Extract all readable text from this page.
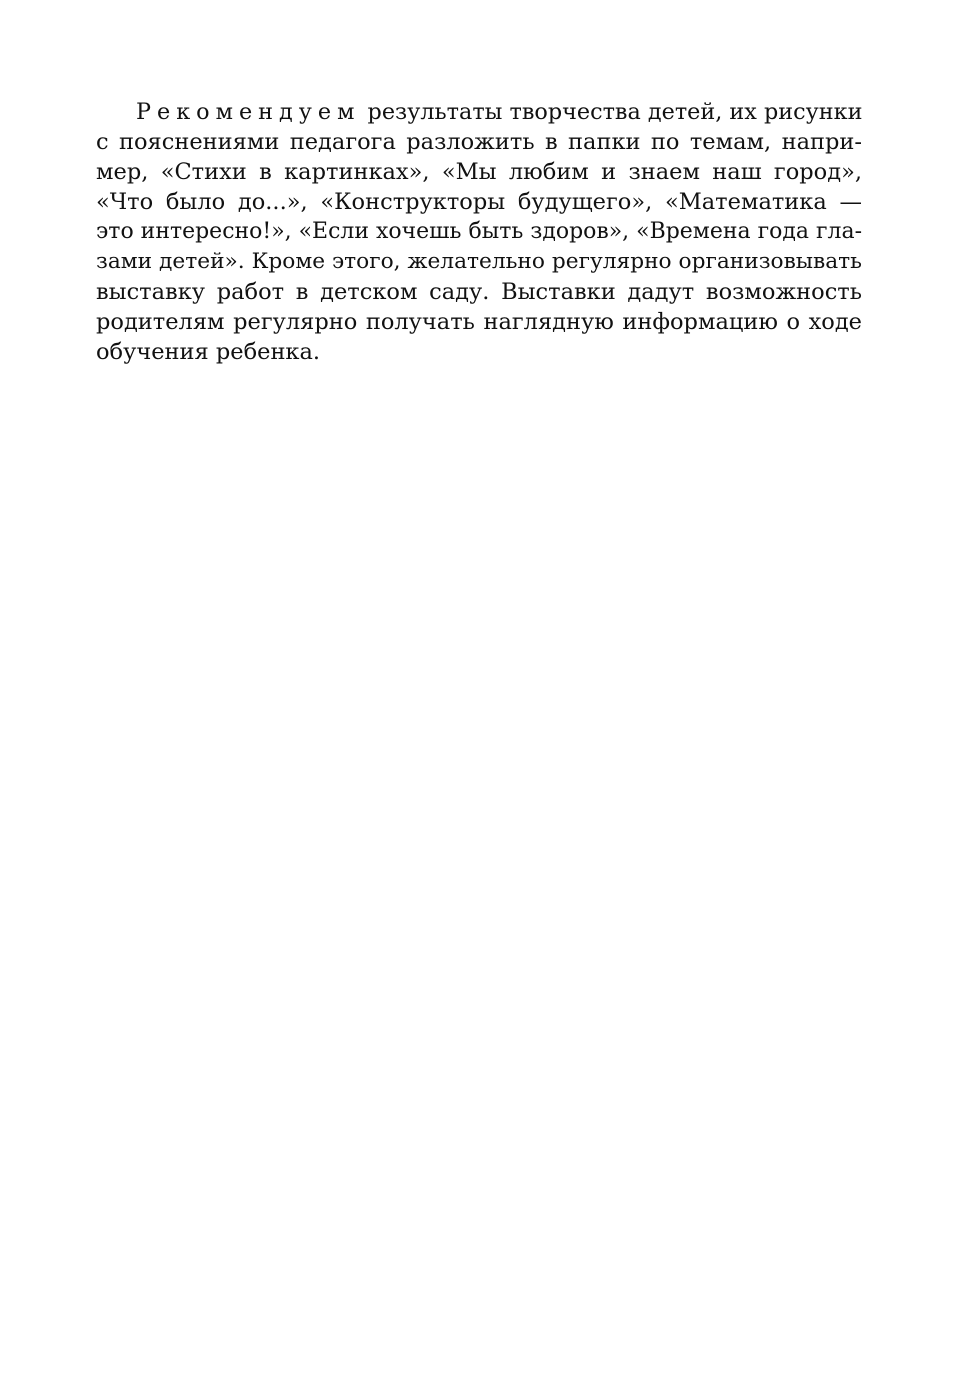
Рекомендуем результаты творчества детей, их рисунки
с пояснениями педагога разложить в папки по темам, напри-
мер, «Стихи в картинках», «Мы любим и знаем наш город»,
«Что было до...», «Конструкторы будущего», «Математика —
это интересно!», «Если хочешь быть здоров», «Времена года гла-
зами детей». Кроме этого, желательно регулярно организовывать
выставку работ в детском саду. Выставки дадут возможность
родителям регулярно получать наглядную информацию о ходе
обучения ребенка.
